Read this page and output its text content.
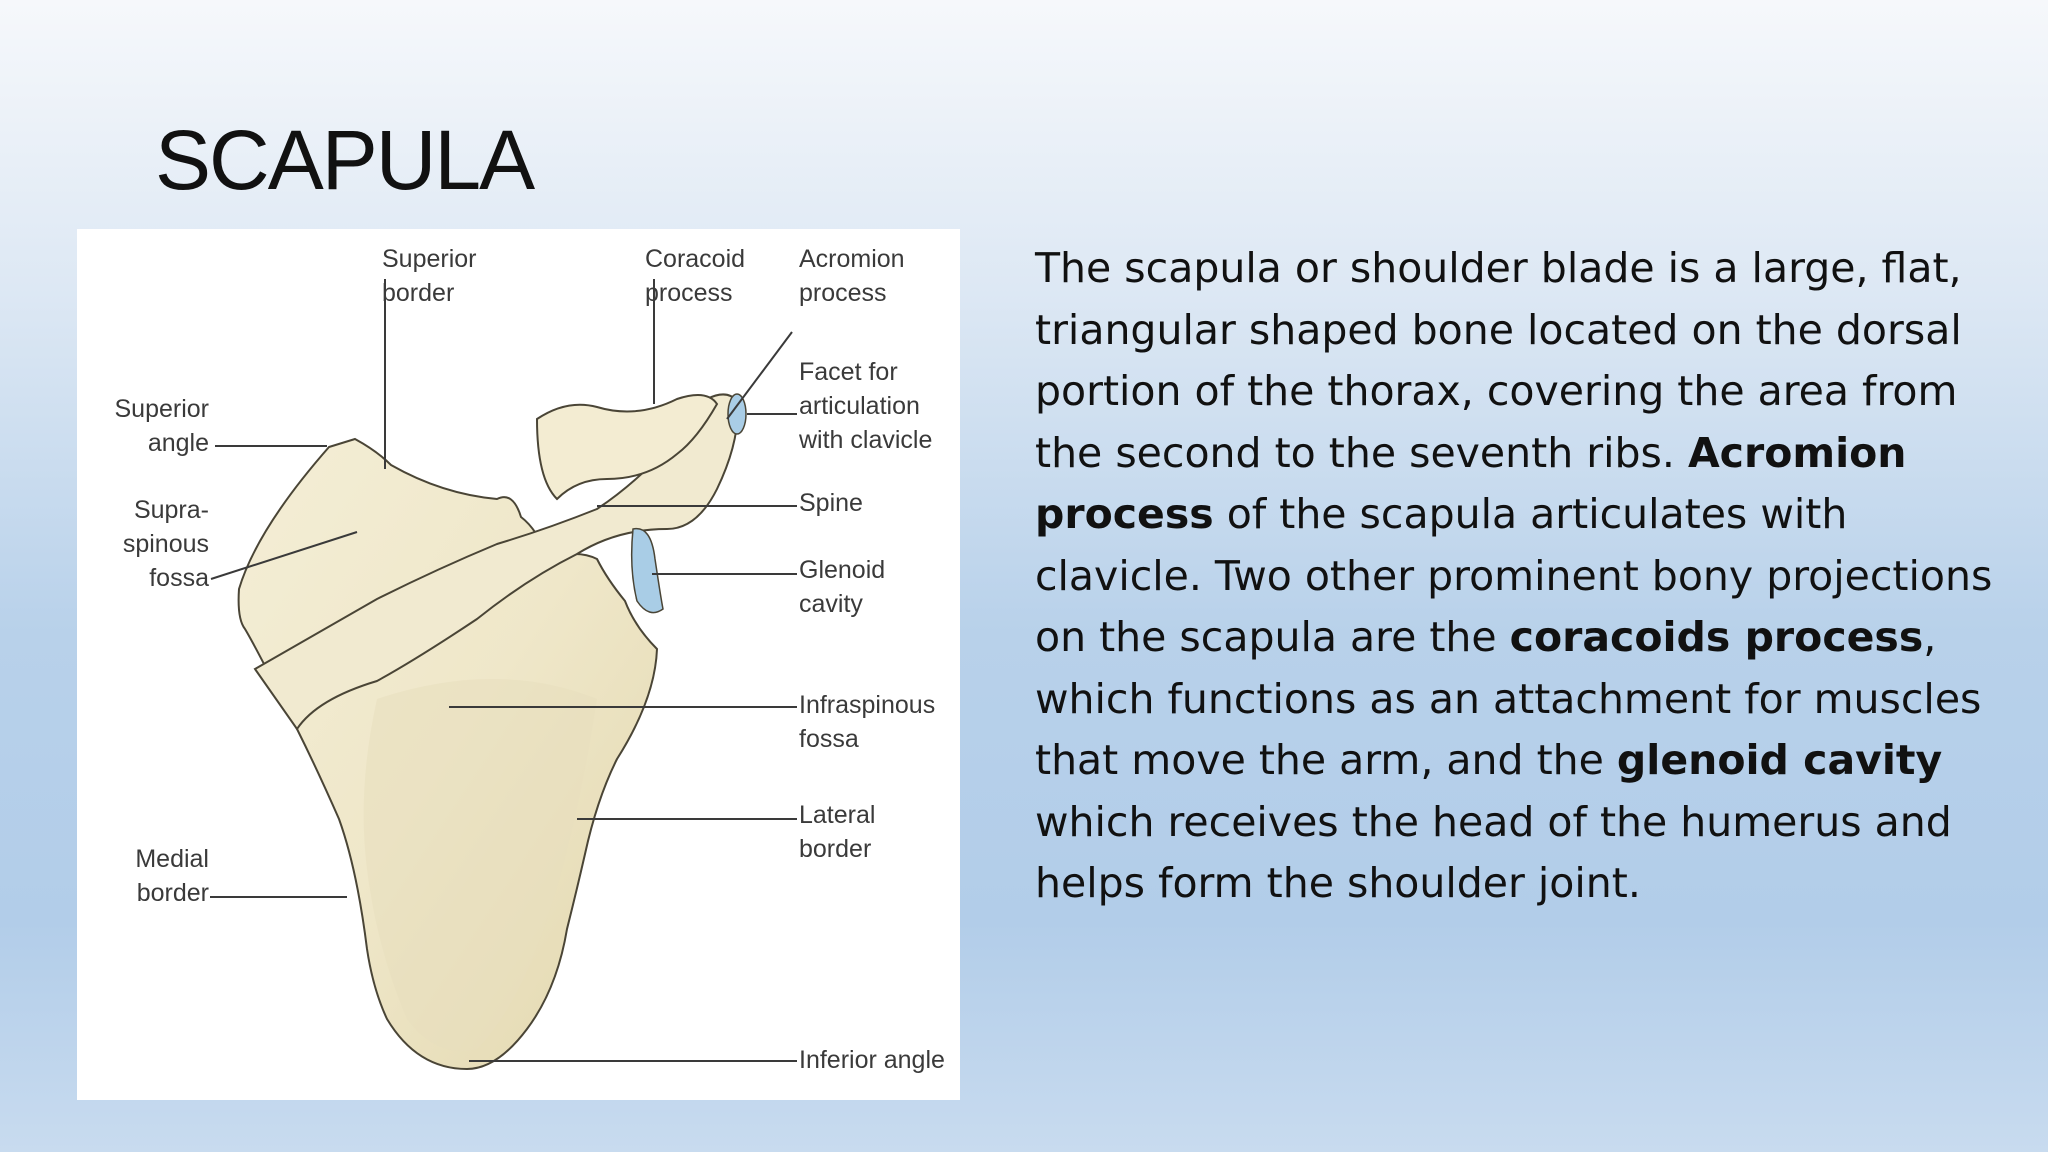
SCAPULA
Superior
border
Coracoid
process
Acromion
process
Facet for
articulation
with clavicle
Superior
angle
Supra-
spinous
fossa
Spine
Glenoid
cavity
Infraspinous
fossa
Lateral
border
Medial
border
Inferior angle
The scapula or shoulder blade is a large, flat, triangular shaped bone located on the dorsal portion of the thorax, covering the area from the second to the seventh ribs. Acromion process of the scapula articulates with clavicle. Two other prominent bony projections on the scapula are the coracoids process, which functions as an attachment for muscles that move the arm, and the glenoid cavity which receives the head of the humerus and helps form the shoulder joint.
